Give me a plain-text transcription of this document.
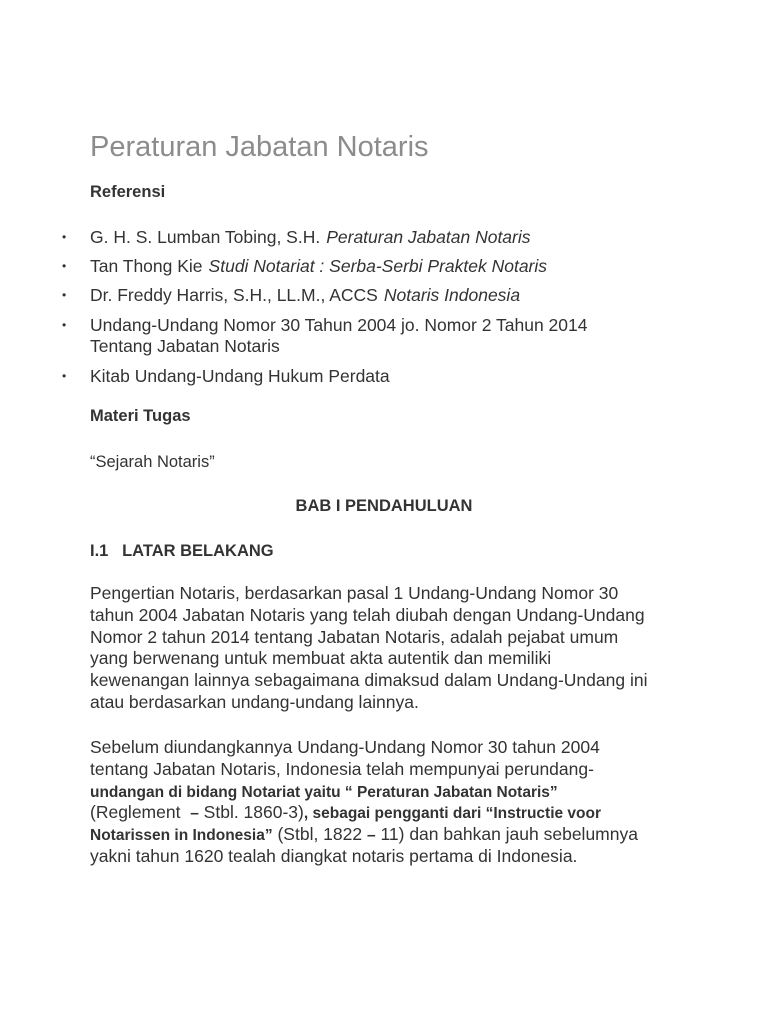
Peraturan Jabatan Notaris
Referensi
•	G. H. S. Lumban Tobing, S.H. Peraturan Jabatan Notaris
•	Tan Thong Kie Studi Notariat : Serba-Serbi Praktek Notaris
•	Dr. Freddy Harris, S.H., LL.M., ACCS Notaris Indonesia
•	Undang-Undang Nomor 30 Tahun 2004 jo. Nomor 2 Tahun 2014
Tentang Jabatan Notaris
•	Kitab Undang-Undang Hukum Perdata
Materi Tugas
“Sejarah Notaris”
BAB I PENDAHULUAN
I.1   LATAR BELAKANG
Pengertian Notaris, berdasarkan pasal 1 Undang-Undang Nomor 30
tahun 2004 Jabatan Notaris yang telah diubah dengan Undang-Undang
Nomor 2 tahun 2014 tentang Jabatan Notaris, adalah pejabat umum
yang berwenang untuk membuat akta autentik dan memiliki
kewenangan lainnya sebagaimana dimaksud dalam Undang-Undang ini
atau berdasarkan undang-undang lainnya.
Sebelum diundangkannya Undang-Undang Nomor 30 tahun 2004
tentang Jabatan Notaris, Indonesia telah mempunyai perundang-
undangan di bidang Notariat yaitu “ Peraturan Jabatan Notaris”
(Reglement  – Stbl. 1860-3), sebagai pengganti dari “Instructie voor
Notarissen in Indonesia” (Stbl, 1822 – 11) dan bahkan jauh sebelumnya
yakni tahun 1620 tealah diangkat notaris pertama di Indonesia.
